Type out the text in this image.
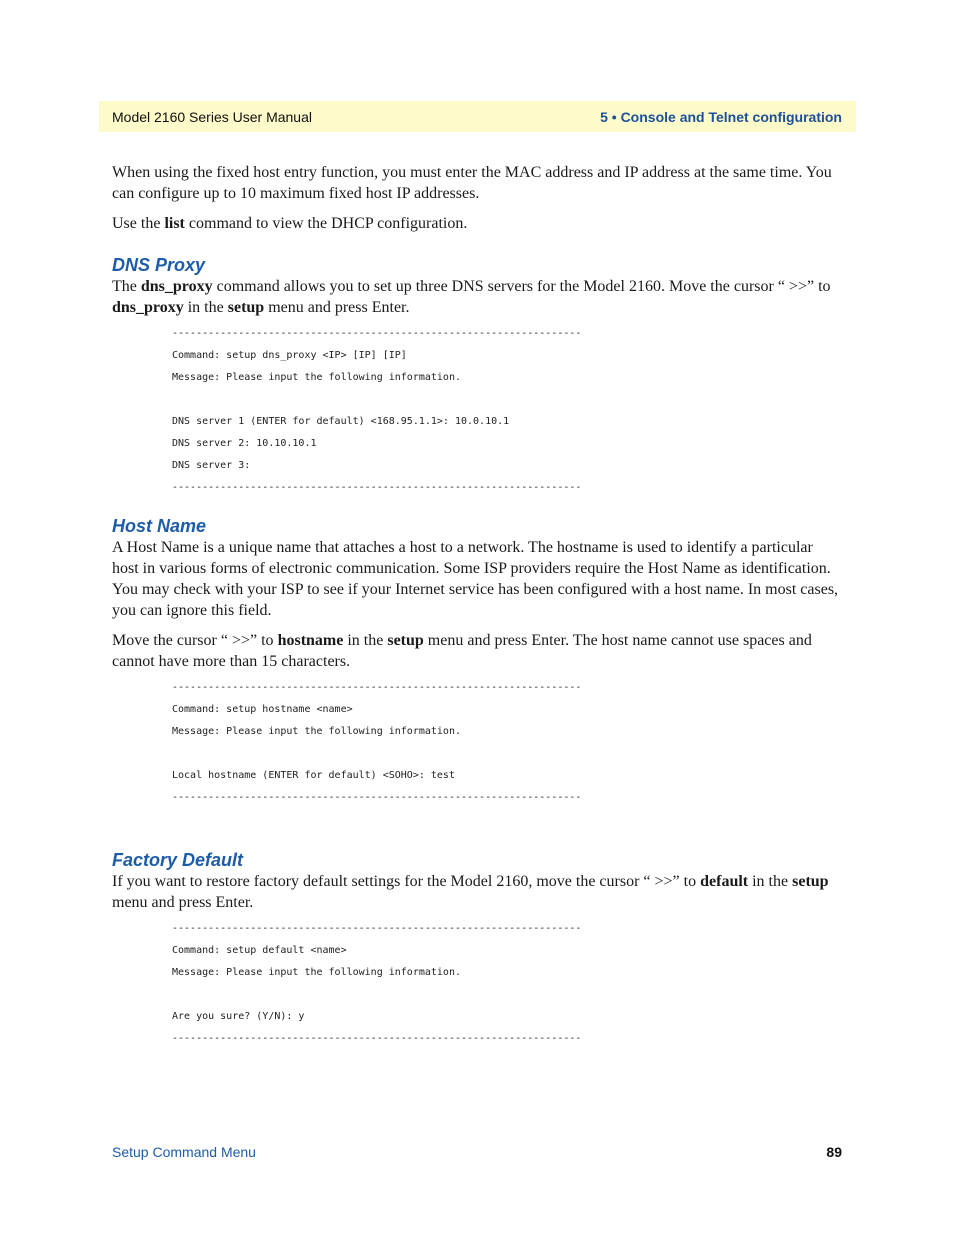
Model 2160 Series User Manual	5 • Console and Telnet configuration

When using the fixed host entry function, you must enter the MAC address and IP address at the same time. You can configure up to 10 maximum fixed host IP addresses.

Use the list command to view the DHCP configuration.

DNS Proxy

The dns_proxy command allows you to set up three DNS servers for the Model 2160. Move the cursor “ >>” to dns_proxy in the setup menu and press Enter.

--------------------------------------------------------------------
Command: setup dns_proxy <IP> [IP] [IP]
Message: Please input the following information.
DNS server 1 (ENTER for default) <168.95.1.1>: 10.0.10.1
DNS server 2: 10.10.10.1
DNS server 3:
--------------------------------------------------------------------
Host Name

A Host Name is a unique name that attaches a host to a network. The hostname is used to identify a particular host in various forms of electronic communication. Some ISP providers require the Host Name as identification. You may check with your ISP to see if your Internet service has been configured with a host name. In most cases, you can ignore this field.

Move the cursor “ >>” to hostname in the setup menu and press Enter. The host name cannot use spaces and cannot have more than 15 characters.

--------------------------------------------------------------------
Command: setup hostname <name>
Message: Please input the following information.
Local hostname (ENTER for default) <SOHO>: test
--------------------------------------------------------------------
Factory Default

If you want to restore factory default settings for the Model 2160, move the cursor “ >>” to default in the setup menu and press Enter.

--------------------------------------------------------------------
Command: setup default <name>
Message: Please input the following information.
Are you sure? (Y/N): y
--------------------------------------------------------------------
Setup Command Menu	89
